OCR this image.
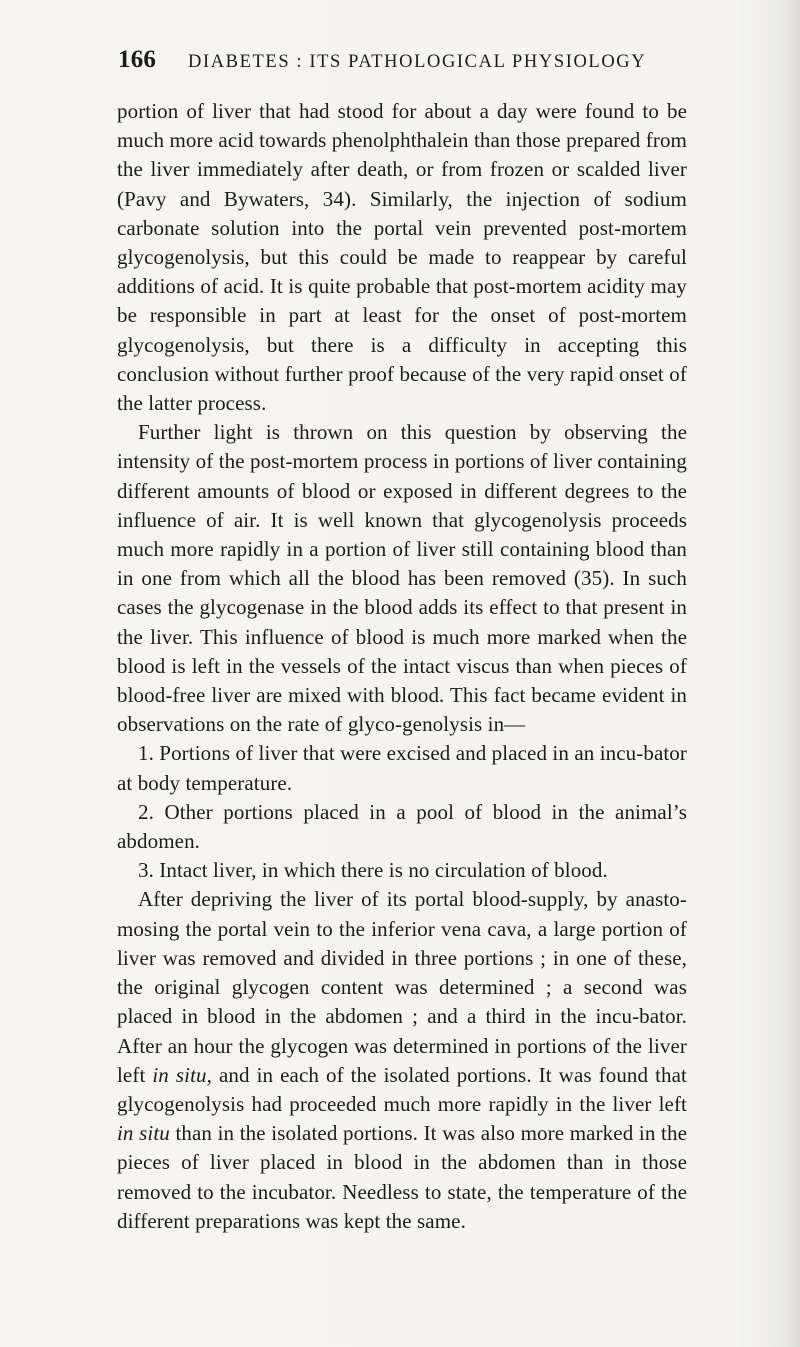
166	DIABETES : ITS PATHOLOGICAL PHYSIOLOGY

portion of liver that had stood for about a day were found to be much more acid towards phenolphthalein than those prepared from the liver immediately after death, or from frozen or scalded liver (Pavy and Bywaters, 34). Similarly, the injection of sodium carbonate solution into the portal vein prevented post-mortem glycogenolysis, but this could be made to reappear by careful additions of acid. It is quite probable that post-mortem acidity may be responsible in part at least for the onset of post-mortem glycogenolysis, but there is a difficulty in accepting this conclusion without further proof because of the very rapid onset of the latter process.

Further light is thrown on this question by observing the intensity of the post-mortem process in portions of liver containing different amounts of blood or exposed in different degrees to the influence of air. It is well known that glycogenolysis proceeds much more rapidly in a portion of liver still containing blood than in one from which all the blood has been removed (35). In such cases the glycogenase in the blood adds its effect to that present in the liver. This influence of blood is much more marked when the blood is left in the vessels of the intact viscus than when pieces of blood-free liver are mixed with blood. This fact became evident in observations on the rate of glyco-genolysis in—

1. Portions of liver that were excised and placed in an incu-bator at body temperature.

2. Other portions placed in a pool of blood in the animal’s abdomen.

3. Intact liver, in which there is no circulation of blood.

After depriving the liver of its portal blood-supply, by anasto-mosing the portal vein to the inferior vena cava, a large portion of liver was removed and divided in three portions ; in one of these, the original glycogen content was determined ; a second was placed in blood in the abdomen ; and a third in the incu-bator. After an hour the glycogen was determined in portions of the liver left in situ, and in each of the isolated portions. It was found that glycogenolysis had proceeded much more rapidly in the liver left in situ than in the isolated portions. It was also more marked in the pieces of liver placed in blood in the abdomen than in those removed to the incubator. Needless to state, the temperature of the different preparations was kept the same.
